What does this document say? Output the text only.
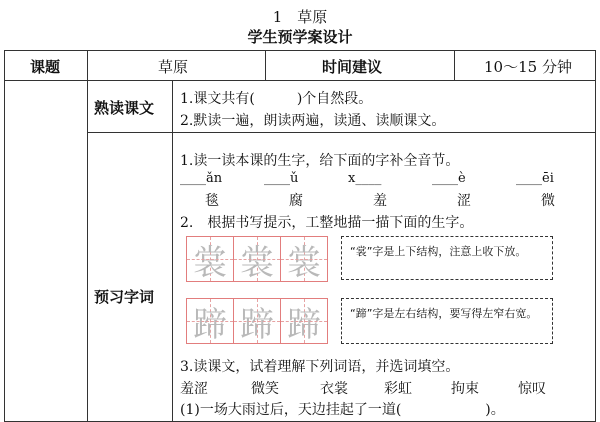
1　草原
学生预学案设计
课题	草原	时间建议	10～15 分钟
熟读课文 1.课文共有(　　　)个自然段。
2.默读一遍，朗读两遍，读通、读顺课文。
预习字词
1.读一读本课的生字，给下面的字补全音节。
____ǎn	____ǔ	x____	____è	____ēi
毯	腐	羞	涩	微
2.　根据书写提示，工整地描一描下面的生字。
裳 裳 裳	“裳”字是上下结构，注意上收下放。
蹄 蹄 蹄	“蹄”字是左右结构，要写得左窄右宽。
3.读课文，试着理解下列词语，并选词填空。
羞涩	微笑	衣裳	彩虹	拘束	惊叹
(1)一场大雨过后，天边挂起了一道(　　　　　　)。
